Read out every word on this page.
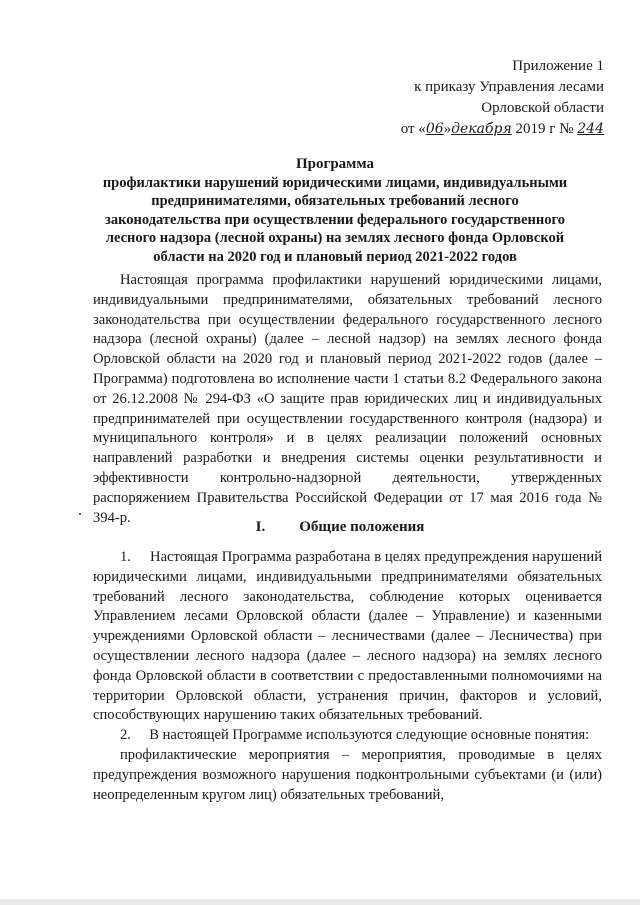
Приложение 1
к приказу Управления лесами
Орловской области
от «06»декабря 2019 г № 244
Программа
профилактики нарушений юридическими лицами, индивидуальными
предпринимателями, обязательных требований лесного
законодательства при осуществлении федерального государственного
лесного надзора (лесной охраны) на землях лесного фонда Орловской
области на 2020 год и плановый период 2021-2022 годов
Настоящая программа профилактики нарушений юридическими лицами, индивидуальными предпринимателями, обязательных требований лесного законодательства при осуществлении федерального государственного лесного надзора (лесной охраны) (далее – лесной надзор) на землях лесного фонда Орловской области на 2020 год и плановый период 2021-2022 годов (далее – Программа) подготовлена во исполнение части 1 статьи 8.2 Федерального закона от 26.12.2008 № 294-ФЗ «О защите прав юридических лиц и индивидуальных предпринимателей при осуществлении государственного контроля (надзора) и муниципального контроля» и в целях реализации положений основных направлений разработки и внедрения системы оценки результативности и эффективности контрольно-надзорной деятельности, утвержденных распоряжением Правительства Российской Федерации от 17 мая 2016 года № 394-р.
I. Общие положения
1.     Настоящая Программа разработана в целях предупреждения нарушений юридическими лицами, индивидуальными предпринимателями обязательных требований лесного законодательства, соблюдение которых оценивается Управлением лесами Орловской области (далее – Управление) и казенными учреждениями Орловской области – лесничествами (далее – Лесничества) при осуществлении лесного надзора (далее – лесного надзора) на землях лесного фонда Орловской области в соответствии с предоставленными полномочиями на территории Орловской области, устранения причин, факторов и условий, способствующих нарушению таких обязательных требований.
2.     В настоящей Программе используются следующие основные понятия:
профилактические мероприятия – мероприятия, проводимые в целях предупреждения возможного нарушения подконтрольными субъектами (и (или) неопределенным кругом лиц) обязательных требований,
